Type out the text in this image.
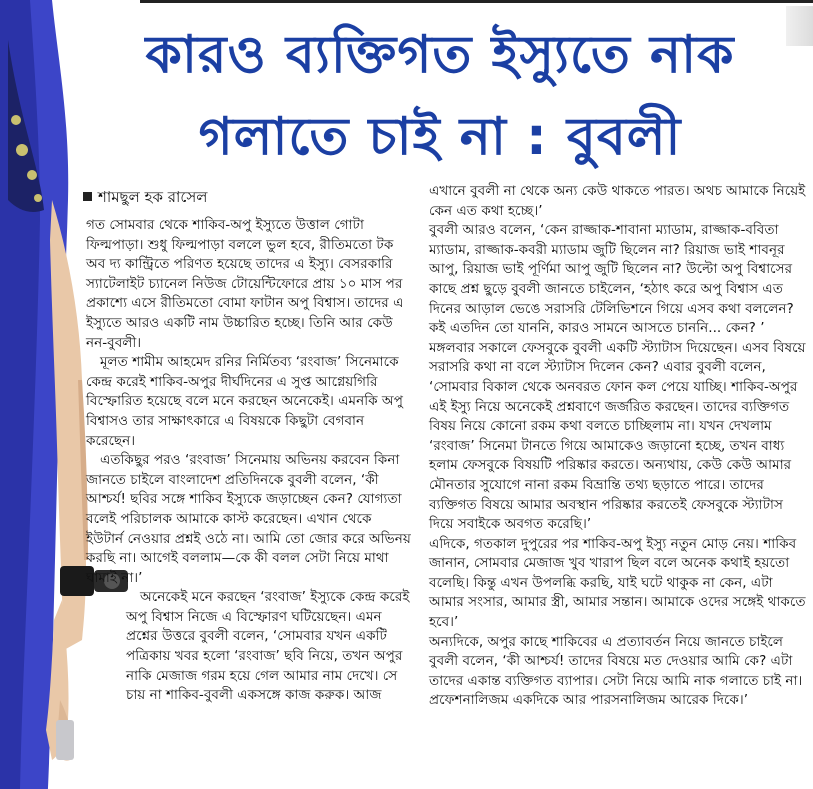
কারও ব্যক্তিগত ইস্যুতে নাক
গলাতে চাই না : বুবলী
শামছুল হক রাসেল

গত সোমবার থেকে শাকিব-অপু ইস্যুতে উত্তাল গোটা ফিল্মপাড়া। শুধু ফিল্মপাড়া বললে ভুল হবে, রীতিমতো টক অব দ্য কান্ট্রিতে পরিণত হয়েছে তাদের এ ইস্যু। বেসরকারি স্যাটেলাইট চ্যানেল নিউজ টোয়েন্টিফোরে প্রায় ১০ মাস পর প্রকাশ্যে এসে রীতিমতো বোমা ফাটান অপু বিশ্বাস। তাদের এ ইস্যুতে আরও একটি নাম উচ্চারিত হচ্ছে। তিনি আর কেউ নন-বুবলী।

মূলত শামীম আহমেদ রনির নির্মিতব্য ‘রংবাজ’ সিনেমাকে কেন্দ্র করেই শাকিব-অপুর দীর্ঘদিনের এ সুপ্ত আগ্নেয়গিরি বিস্ফোরিত হয়েছে বলে মনে করছেন অনেকেই। এমনকি অপু বিশ্বাসও তার সাক্ষাৎকারে এ বিষয়কে কিছুটা বেগবান করেছেন।

এতকিছুর পরও ‘রংবাজ’ সিনেমায় অভিনয় করবেন কিনা জানতে চাইলে বাংলাদেশ প্রতিদিনকে বুবলী বলেন, ‘কী আশ্চর্য! ছবির সঙ্গে শাকিব ইস্যুকে জড়াচ্ছেন কেন? যোগ্যতা বলেই পরিচালক আমাকে কাস্ট করেছেন। এখান থেকে ইউটার্ন নেওয়ার প্রশ্নই ওঠে না। আমি তো জোর করে অভিনয় করছি না। আগেই বললাম—কে কী বলল সেটা নিয়ে মাথা ঘামাই না।’

অনেকেই মনে করছেন ‘রংবাজ’ ইস্যুকে কেন্দ্র করেই অপু বিশ্বাস নিজে এ বিস্ফোরণ ঘটিয়েছেন। এমন প্রশ্নের উত্তরে বুবলী বলেন, ‘সোমবার যখন একটি পত্রিকায় খবর হলো ‘রংবাজ’ ছবি নিয়ে, তখন অপুর নাকি মেজাজ গরম হয়ে গেল আমার নাম দেখে। সে চায় না শাকিব-বুবলী একসঙ্গে কাজ করুক। আজ

এখানে বুবলী না থেকে অন্য কেউ থাকতে পারত। অথচ আমাকে নিয়েই কেন এত কথা হচ্ছে।’

বুবলী আরও বলেন, ‘কেন রাজ্জাক-শাবানা ম্যাডাম, রাজ্জাক-ববিতা ম্যাডাম, রাজ্জাক-কবরী ম্যাডাম জুটি ছিলেন না? রিয়াজ ভাই শাবনূর আপু, রিয়াজ ভাই পূর্ণিমা আপু জুটি ছিলেন না? উল্টো অপু বিশ্বাসের কাছে প্রশ্ন ছুড়ে বুবলী জানতে চাইলেন, ‘হঠাৎ করে অপু বিশ্বাস এত দিনের আড়াল ভেঙে সরাসরি টেলিভিশনে গিয়ে এসব কথা বললেন? কই এতদিন তো যাননি, কারও সামনে আসতে চাননি... কেন? ’

মঙ্গলবার সকালে ফেসবুকে বুবলী একটি স্ট্যাটাস দিয়েছেন। এসব বিষয়ে সরাসরি কথা না বলে স্ট্যাটাস দিলেন কেন? এবার বুবলী বলেন, ‘সোমবার বিকাল থেকে অনবরত ফোন কল পেয়ে যাচ্ছি। শাকিব-অপুর এই ইস্যু নিয়ে অনেকেই প্রশ্নবাণে জর্জরিত করছেন। তাদের ব্যক্তিগত বিষয় নিয়ে কোনো রকম কথা বলতে চাচ্ছিলাম না। যখন দেখলাম ‘রংবাজ’ সিনেমা টানতে গিয়ে আমাকেও জড়ানো হচ্ছে, তখন বাধ্য হলাম ফেসবুকে বিষয়টি পরিষ্কার করতে। অন্যথায়, কেউ কেউ আমার মৌনতার সুযোগে নানা রকম বিভ্রান্তি তথ্য ছড়াতে পারে। তাদের ব্যক্তিগত বিষয়ে আমার অবস্থান পরিষ্কার করতেই ফেসবুকে স্ট্যাটাস দিয়ে সবাইকে অবগত করেছি।’

এদিকে, গতকাল দুপুরের পর শাকিব-অপু ইস্যু নতুন মোড় নেয়। শাকিব জানান, সোমবার মেজাজ খুব খারাপ ছিল বলে অনেক কথাই হয়তো বলেছি। কিন্তু এখন উপলব্ধি করছি, যাই ঘটে থাকুক না কেন, এটা আমার সংসার, আমার স্ত্রী, আমার সন্তান। আমাকে ওদের সঙ্গেই থাকতে হবে।’

অন্যদিকে, অপুর কাছে শাকিবের এ প্রত্যাবর্তন নিয়ে জানতে চাইলে বুবলী বলেন, ‘কী আশ্চর্য! তাদের বিষয়ে মত দেওয়ার আমি কে? এটা তাদের একান্ত ব্যক্তিগত ব্যাপার। সেটা নিয়ে আমি নাক গলাতে চাই না। প্রফেশনালিজম একদিকে আর পারসনালিজম আরেক দিকে।’
